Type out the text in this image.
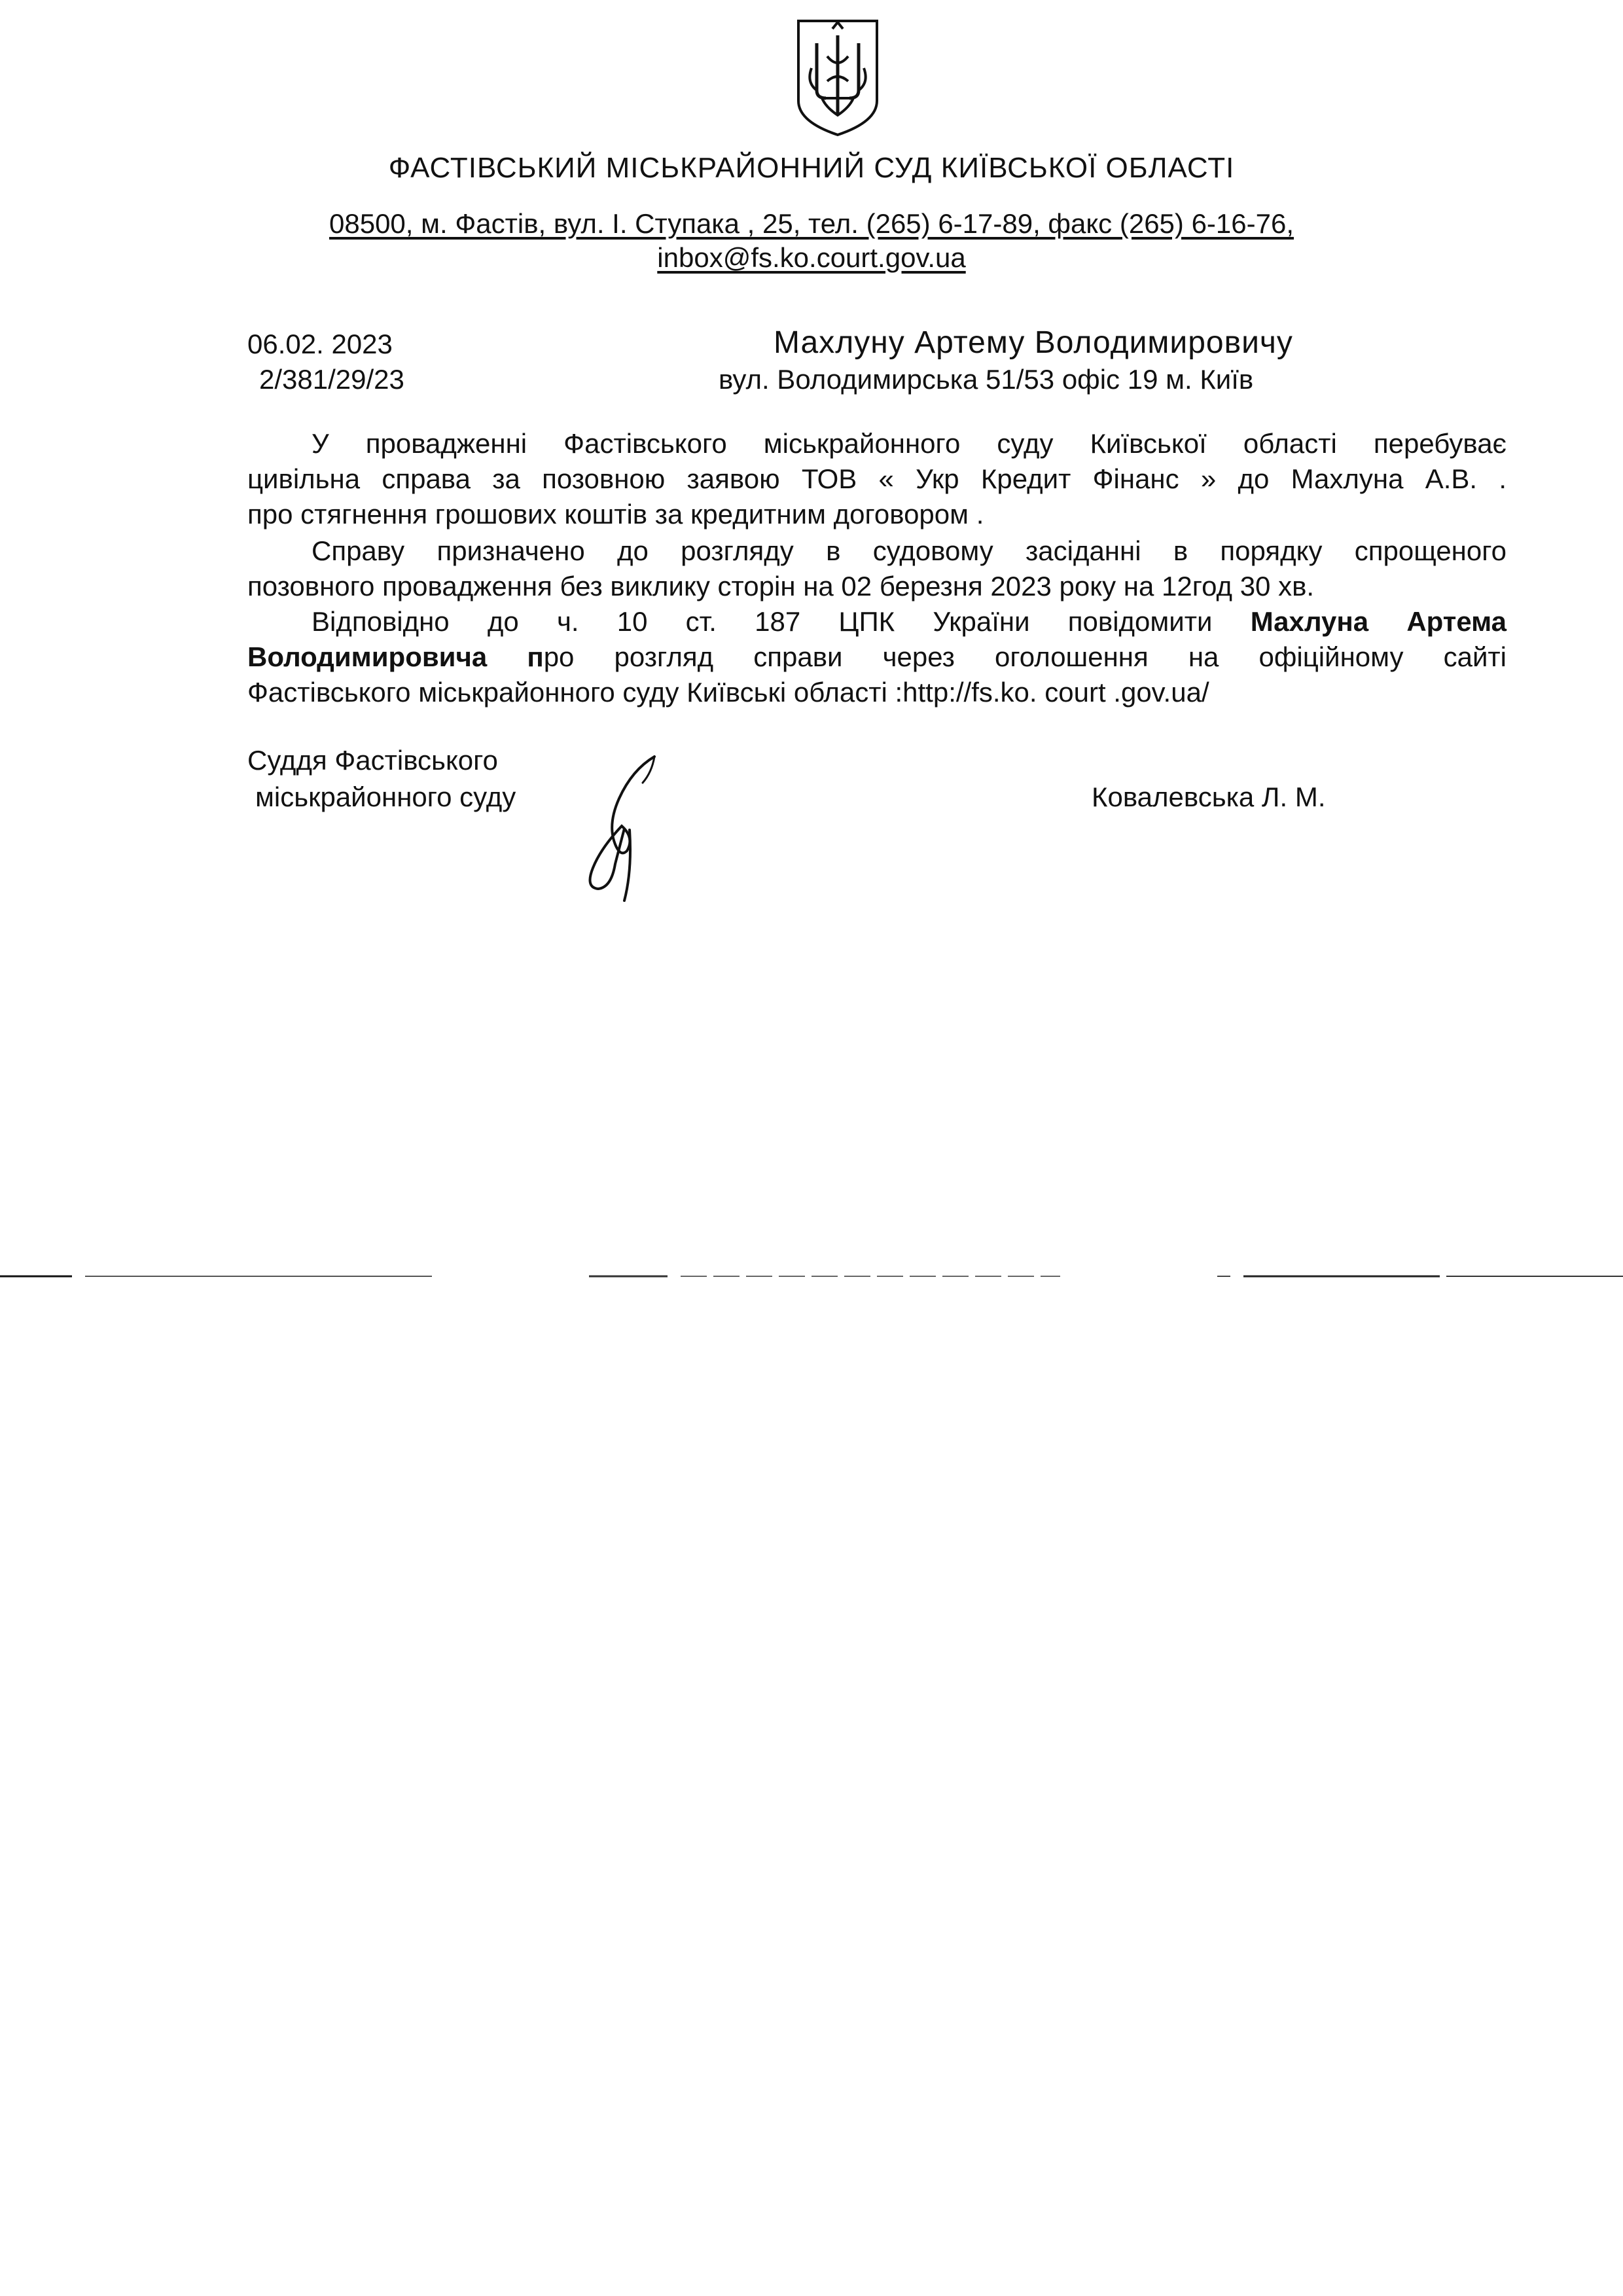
ФАСТІВСЬКИЙ МІСЬКРАЙОННИЙ СУД КИЇВСЬКОЇ ОБЛАСТІ
08500, м. Фастів, вул. І. Ступака , 25, тел. (265) 6-17-89, факс (265) 6-16-76,
inbox@fs.ko.court.gov.ua
06.02. 2023
2/381/29/23
Махлуну Артему Володимировичу
вул. Володимирська 51/53 офіс 19 м. Київ
У провадженні Фастівського міськрайонного суду Київської області перебуває
цивільна справа за позовною заявою ТОВ « Укр Кредит Фінанс » до Махлуна А.В. .
про стягнення грошових коштів за кредитним договором .
Справу призначено до розгляду в судовому засіданні в порядку спрощеного
позовного провадження без виклику сторін на 02 березня 2023 року на 12год 30 хв.
Відповідно до ч. 10 ст. 187 ЦПК України повідомити Махлуна Артема
Володимировича про розгляд справи через оголошення на офіційному сайті
Фастівського міськрайонного суду Київські області :http://fs.ko. court .gov.ua/
Суддя Фастівського
міськрайонного суду	Ковалевська Л. М.
